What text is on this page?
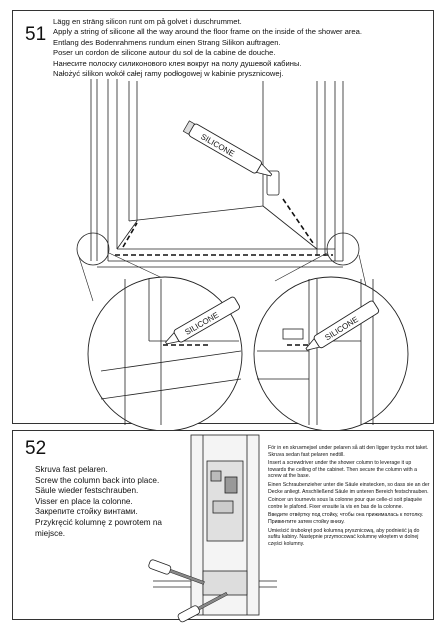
51
Lägg en sträng silicon runt om på golvet i duschrummet.
Apply a string of silicone all the way around the floor frame on the inside of the shower area.
Entlang des Bodenrahmens rundum einen Strang Silikon auftragen.
Poser un cordon de silicone autour du sol de la cabine de douche.
Нанесите полоску силиконового клея вокруг на полу душевой кабины.
Nałożyć silikon wokół całej ramy podłogowej w kabinie prysznicowej.
SILICONE
SILICONE	SILICONE
52
Skruva fast pelaren.
Screw the column back into place.
Säule wieder festschrauben.
Visser en place la colonne.
Закрепите стойку винтами.
Przykręcić kolumnę z powrotem na
miejsce.
För in en skruvmejsel under pelaren så att den ligger trycks mot taket. Skruva sedan fast pelaren nedtill.
Insert a screwdriver under the shower column to leverage it up towards the ceiling of the cabinet. Then secure the column with a screw at the base.
Einen Schraubenzieher unter die Säule einstecken, so dass sie an der Decke anliegt. Anschließend Säule im unteren Bereich festschrauben.
Coincer un tournevis sous la colonne pour que celle-ci soit plaquée contre le plafond. Fixer ensuite la vis en bas de la colonne.
Введите отвёртку под стойку, чтобы она прижималась к потолку. Привинтите затем стойку внизу.
Umieścić śrubokręt pod kolumną prysznicową, aby podnieść ją do sufitu kabiny. Następnie przymocować kolumnę wkrętem w dolnej części kolumny.
